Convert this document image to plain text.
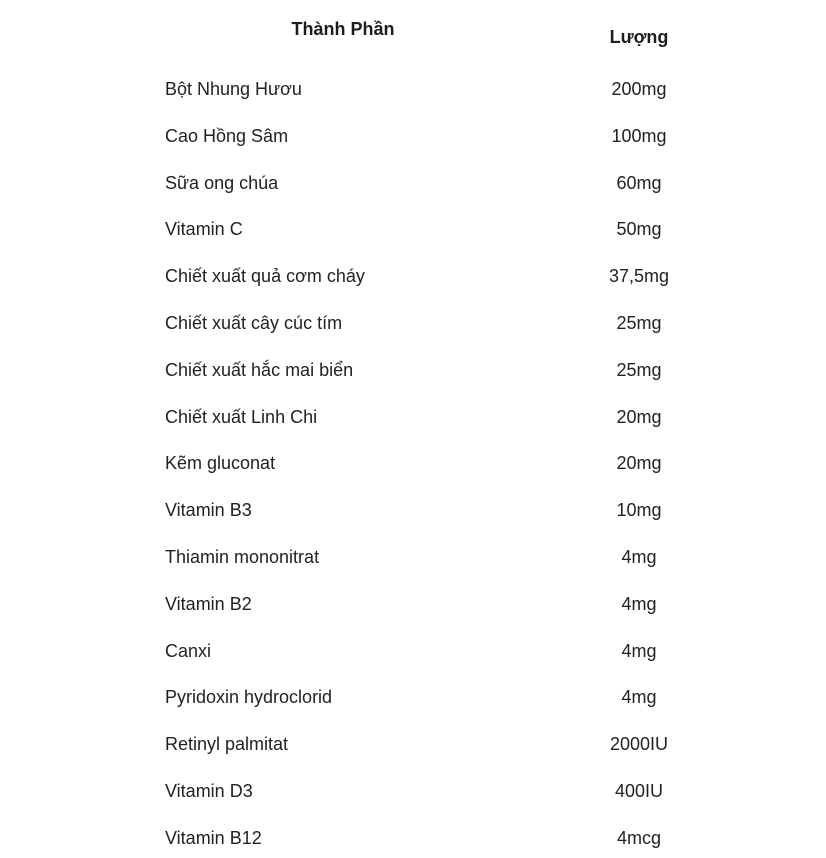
Thành Phần	Lượng
Bột Nhung Hươu	200mg
Cao Hồng Sâm	100mg
Sữa ong chúa	60mg
Vitamin C	50mg
Chiết xuất quả cơm cháy	37,5mg
Chiết xuất cây cúc tím	25mg
Chiết xuất hắc mai biển	25mg
Chiết xuất Linh Chi	20mg
Kẽm gluconat	20mg
Vitamin B3	10mg
Thiamin mononitrat	4mg
Vitamin B2	4mg
Canxi	4mg
Pyridoxin hydroclorid	4mg
Retinyl palmitat	2000IU
Vitamin D3	400IU
Vitamin B12	4mcg
